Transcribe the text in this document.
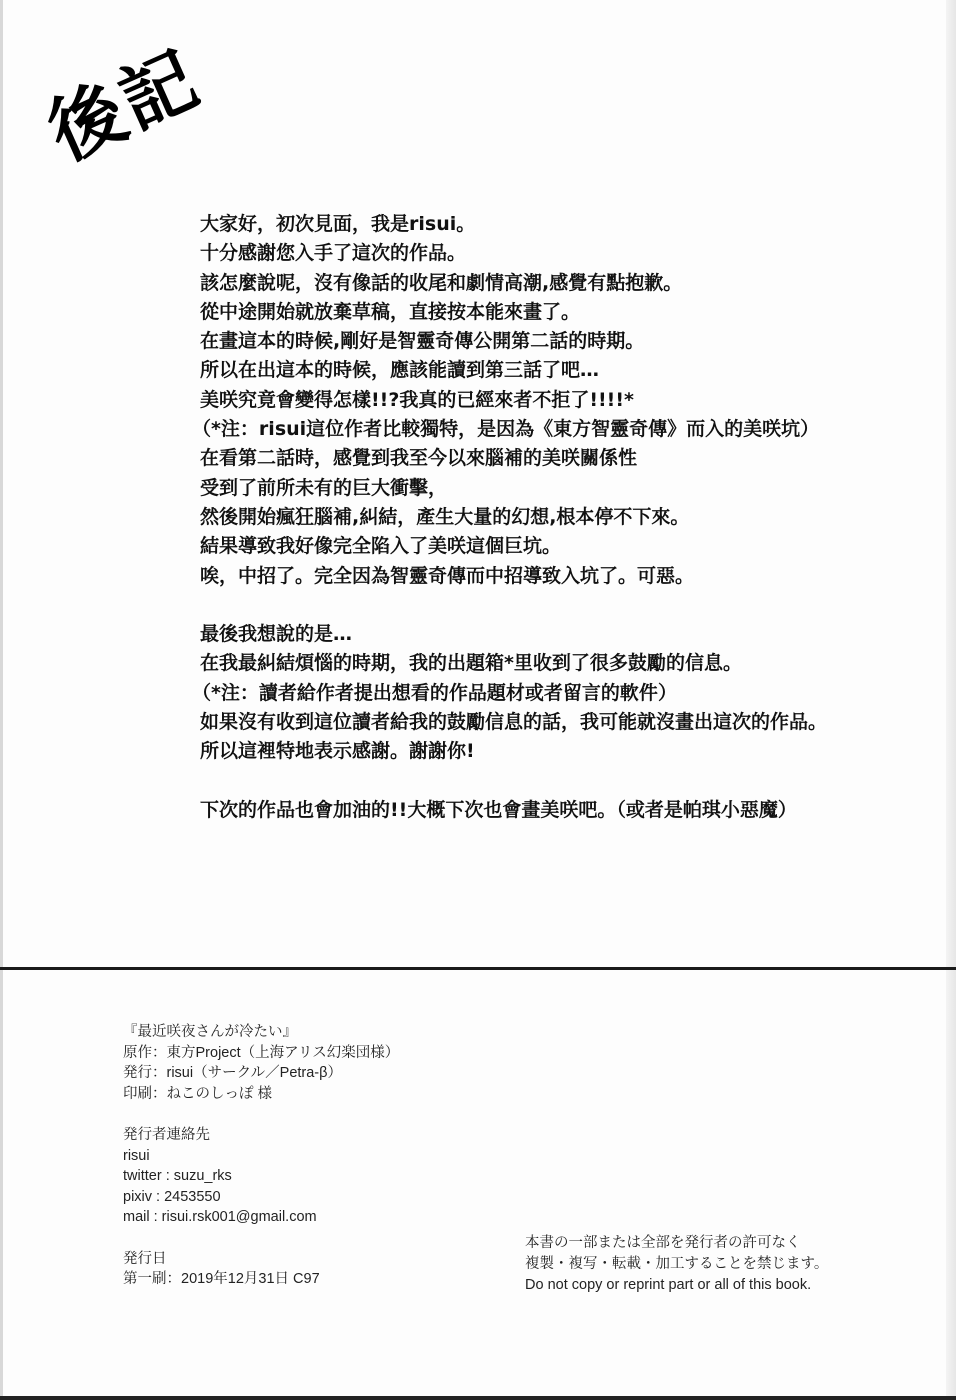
後記
大家好，初次見面，我是risui。
十分感謝您入手了這次的作品。
該怎麼說呢，沒有像話的收尾和劇情高潮,感覺有點抱歉。
從中途開始就放棄草稿，直接按本能來畫了。
在畫這本的時候,剛好是智靈奇傳公開第二話的時期。
所以在出這本的時候，應該能讀到第三話了吧…
美咲究竟會變得怎樣!!?我真的已經來者不拒了!!!!*
（*注：risui這位作者比較獨特，是因為《東方智靈奇傳》而入的美咲坑）
在看第二話時，感覺到我至今以來腦補的美咲關係性
受到了前所未有的巨大衝擊，
然後開始瘋狂腦補,糾結，產生大量的幻想,根本停不下來。
結果導致我好像完全陷入了美咲這個巨坑。
唉，中招了。完全因為智靈奇傳而中招導致入坑了。可惡。
最後我想說的是…
在我最糾結煩惱的時期，我的出題箱*里收到了很多鼓勵的信息。
（*注：讀者給作者提出想看的作品題材或者留言的軟件）
如果沒有收到這位讀者給我的鼓勵信息的話，我可能就沒畫出這次的作品。
所以這裡特地表示感謝。謝謝你!
下次的作品也會加油的!!大概下次也會畫美咲吧。（或者是帕琪小惡魔）
『最近咲夜さんが冷たい』
原作：東方Project（上海アリス幻楽団様）
発行：risui（サークル／Petra-β）
印刷：ねこのしっぽ 様
発行者連絡先
risui
twitter : suzu_rks
pixiv : 2453550
mail : risui.rsk001@gmail.com
発行日
第一刷：2019年12月31日 C97
本書の一部または全部を発行者の許可なく
複製・複写・転載・加工することを禁じます。
Do not copy or reprint part or all of this book.
